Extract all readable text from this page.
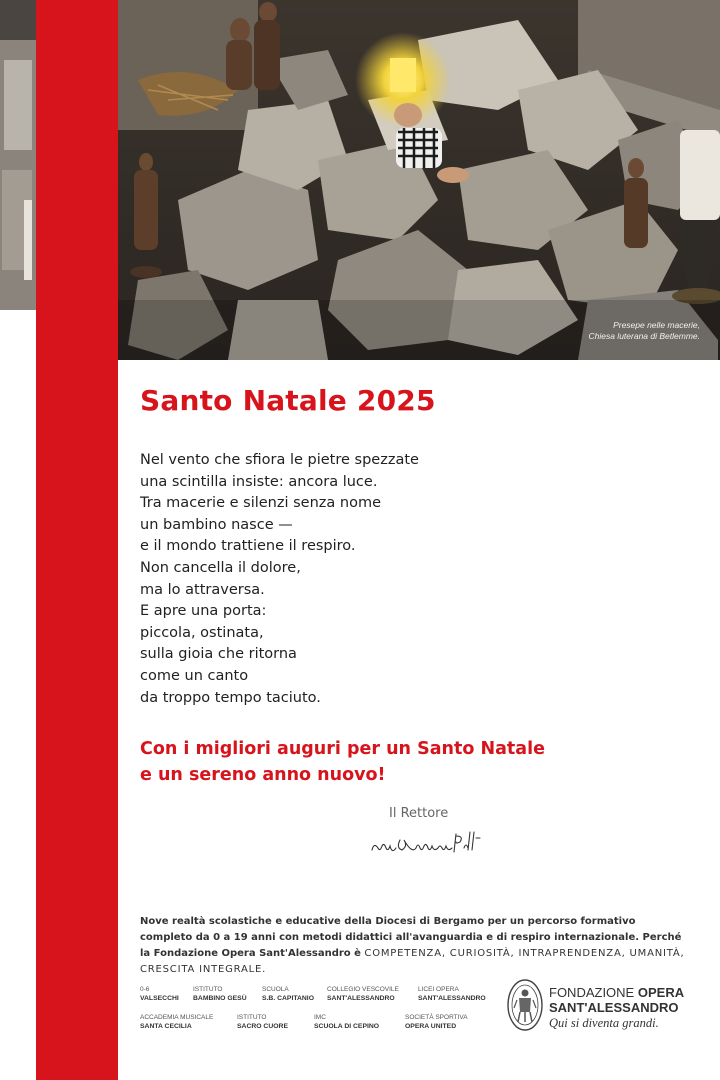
Presepe nelle macerie,
Chiesa luterana di Betlemme.
Santo Natale 2025
Nel vento che sfiora le pietre spezzate
una scintilla insiste: ancora luce.
Tra macerie e silenzi senza nome
un bambino nasce —
e il mondo trattiene il respiro.
Non cancella il dolore,
ma lo attraversa.
E apre una porta:
piccola, ostinata,
sulla gioia che ritorna
come un canto
da troppo tempo taciuto.

Con i migliori auguri per un Santo Natale
e un sereno anno nuovo!

Il Rettore

Nove realtà scolastiche e educative della Diocesi di Bergamo per un percorso formativo completo da 0 a 19 anni con metodi didattici all'avanguardia e di respiro internazionale. Perché la Fondazione Opera Sant'Alessandro è COMPETENZA, CURIOSITÀ, INTRAPRENDENZA, UMANITÀ, CRESCITA INTEGRALE.

0-6
VALSECCHI
ISTITUTO
BAMBINO GESÙ
SCUOLA
S.B. CAPITANIO
COLLEGIO VESCOVILE
SANT'ALESSANDRO
LICEI OPERA
SANT'ALESSANDRO
ACCADEMIA MUSICALE
SANTA CECILIA
ISTITUTO
SACRO CUORE
IMC
SCUOLA DI CEPINO
SOCIETÀ SPORTIVA
OPERA UNITED
FONDAZIONE OPERA
SANT'ALESSANDRO
Qui si diventa grandi.
